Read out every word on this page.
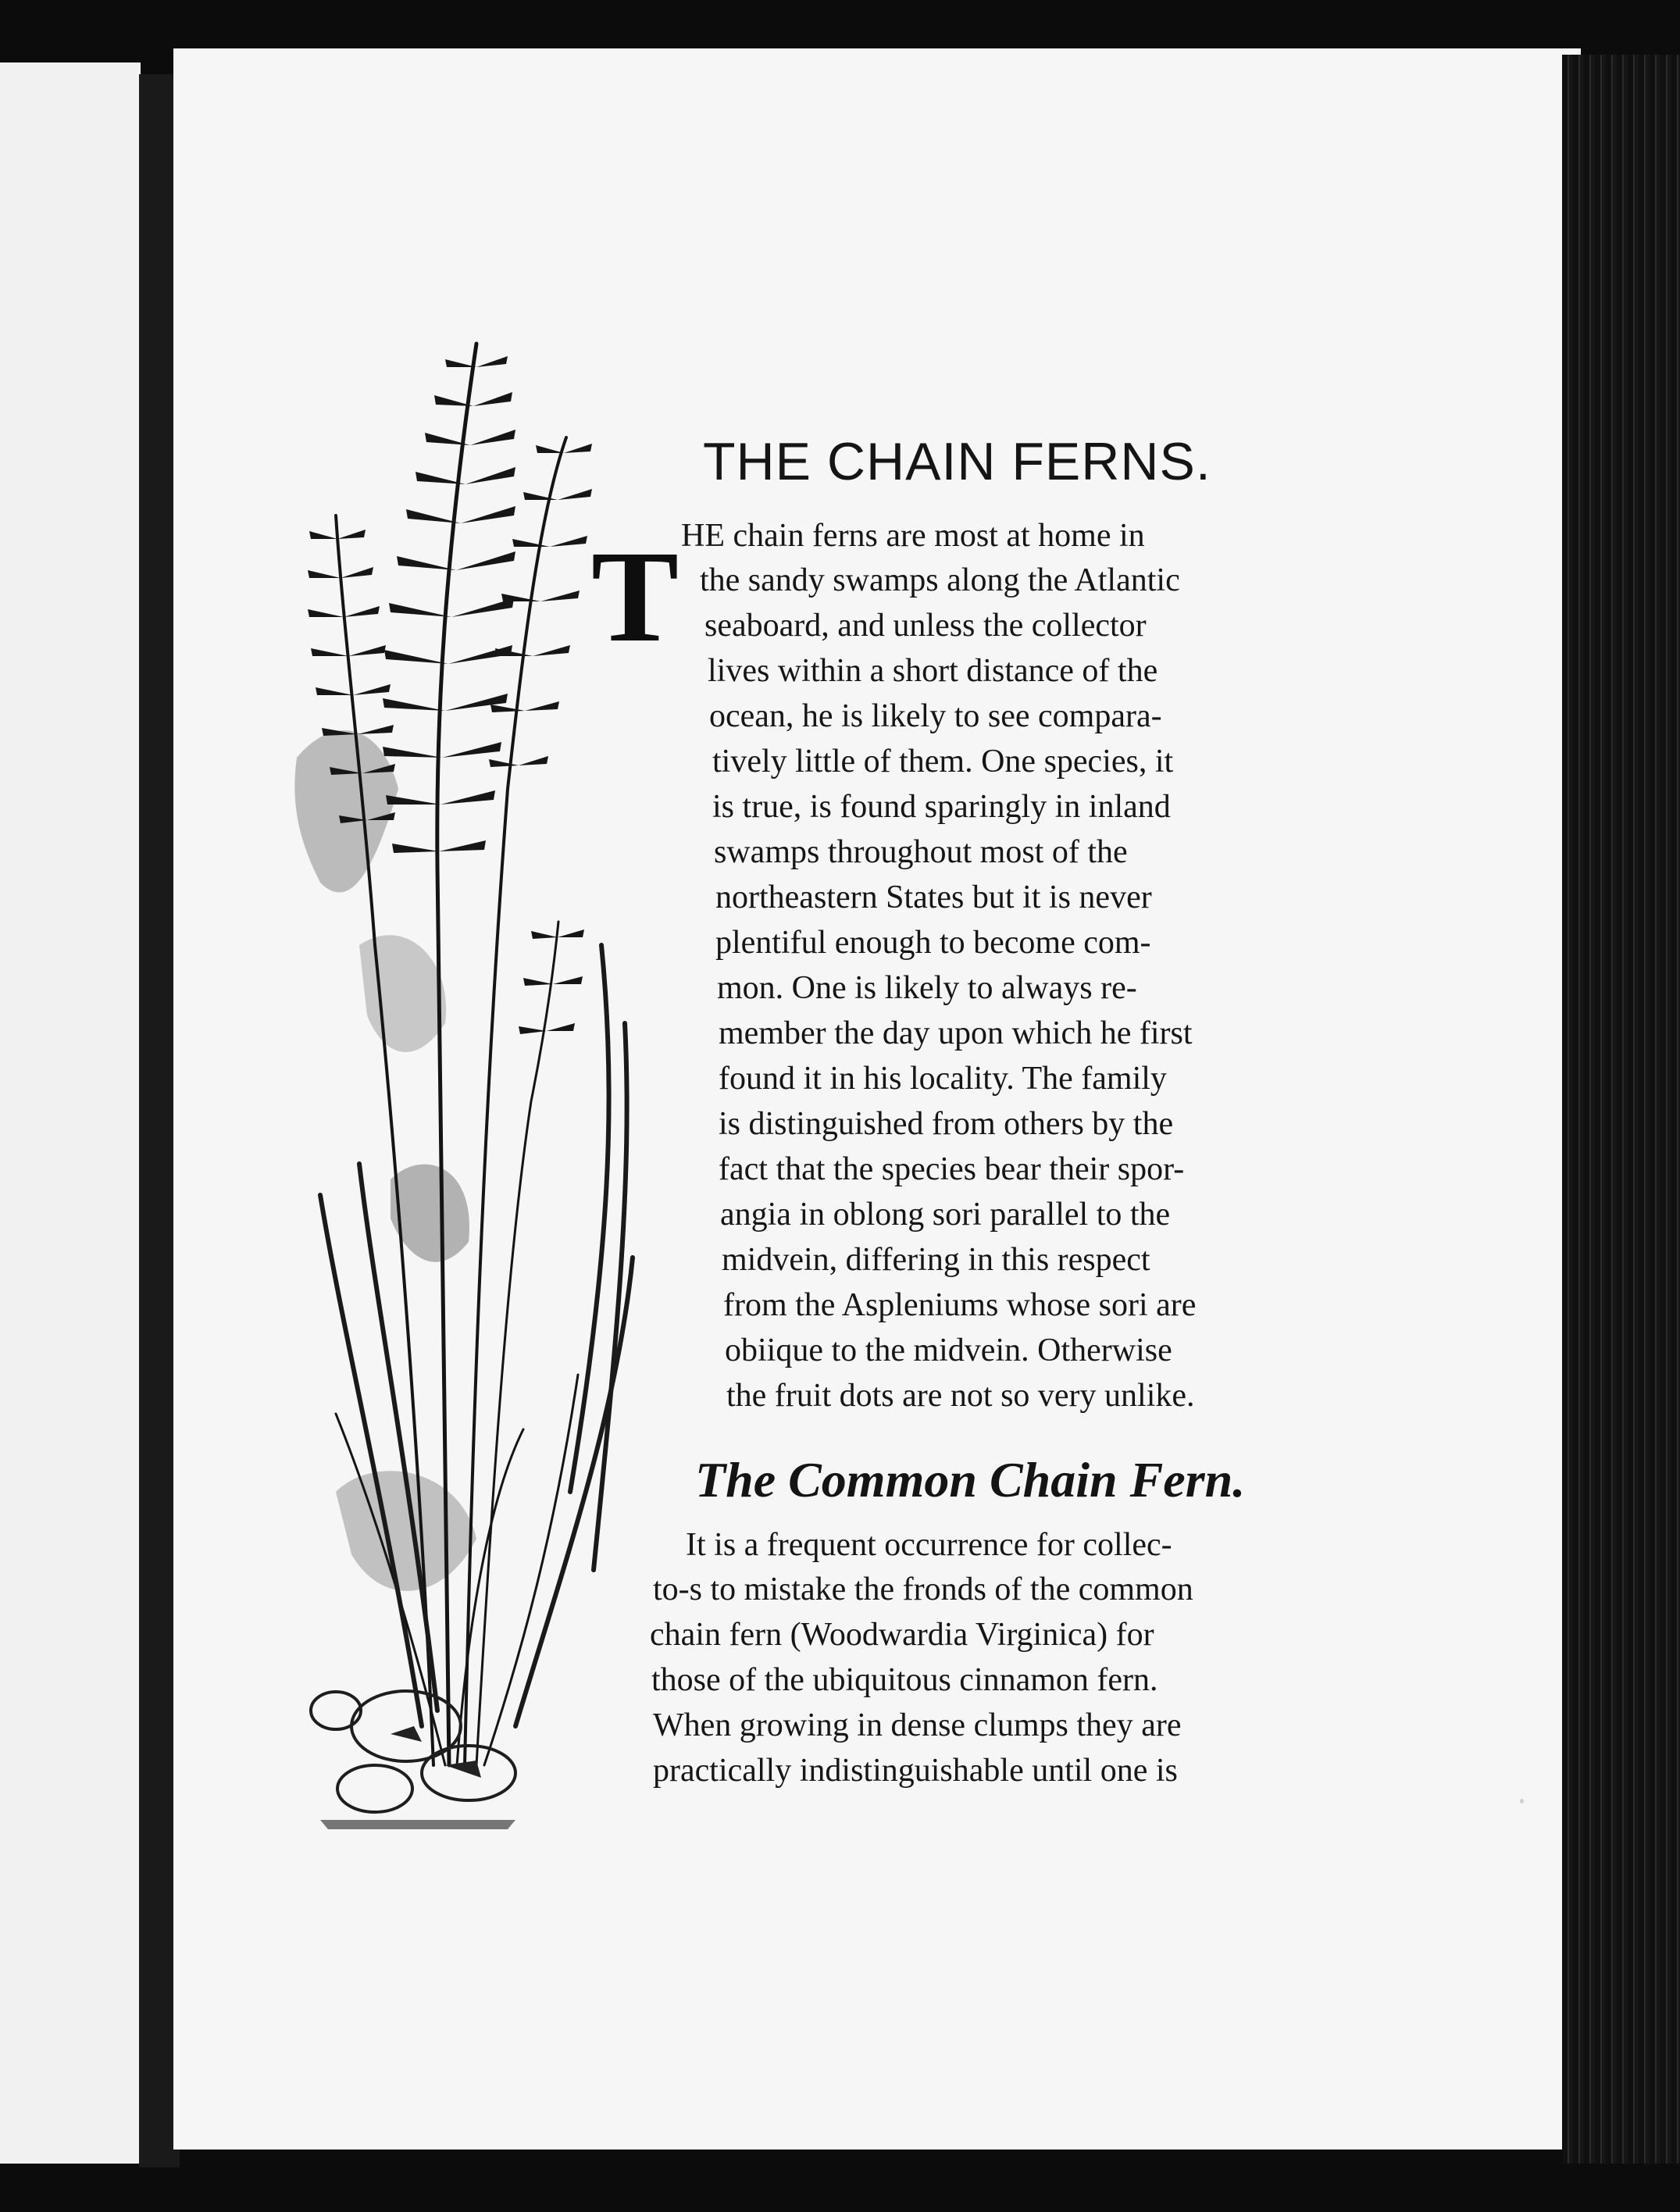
THE CHAIN FERNS.
T HE chain ferns are most at home in
the sandy swamps along the Atlantic
seaboard, and unless the collector
lives within a short distance of the
ocean, he is likely to see compara-
tively little of them. One species, it
is true, is found sparingly in inland
swamps throughout most of the
northeastern States but it is never
plentiful enough to become com-
mon. One is likely to always re-
member the day upon which he first
found it in his locality. The family
is distinguished from others by the
fact that the species bear their spor-
angia in oblong sori parallel to the
midvein, differing in this respect
from the Aspleniums whose sori are
obiique to the midvein. Otherwise
the fruit dots are not so very unlike.
The Common Chain Fern.
It is a frequent occurrence for collec-
to-s to mistake the fronds of the common
chain fern (Woodwardia Virginica) for
those of the ubiquitous cinnamon fern.
When growing in dense clumps they are
practically indistinguishable until one is
